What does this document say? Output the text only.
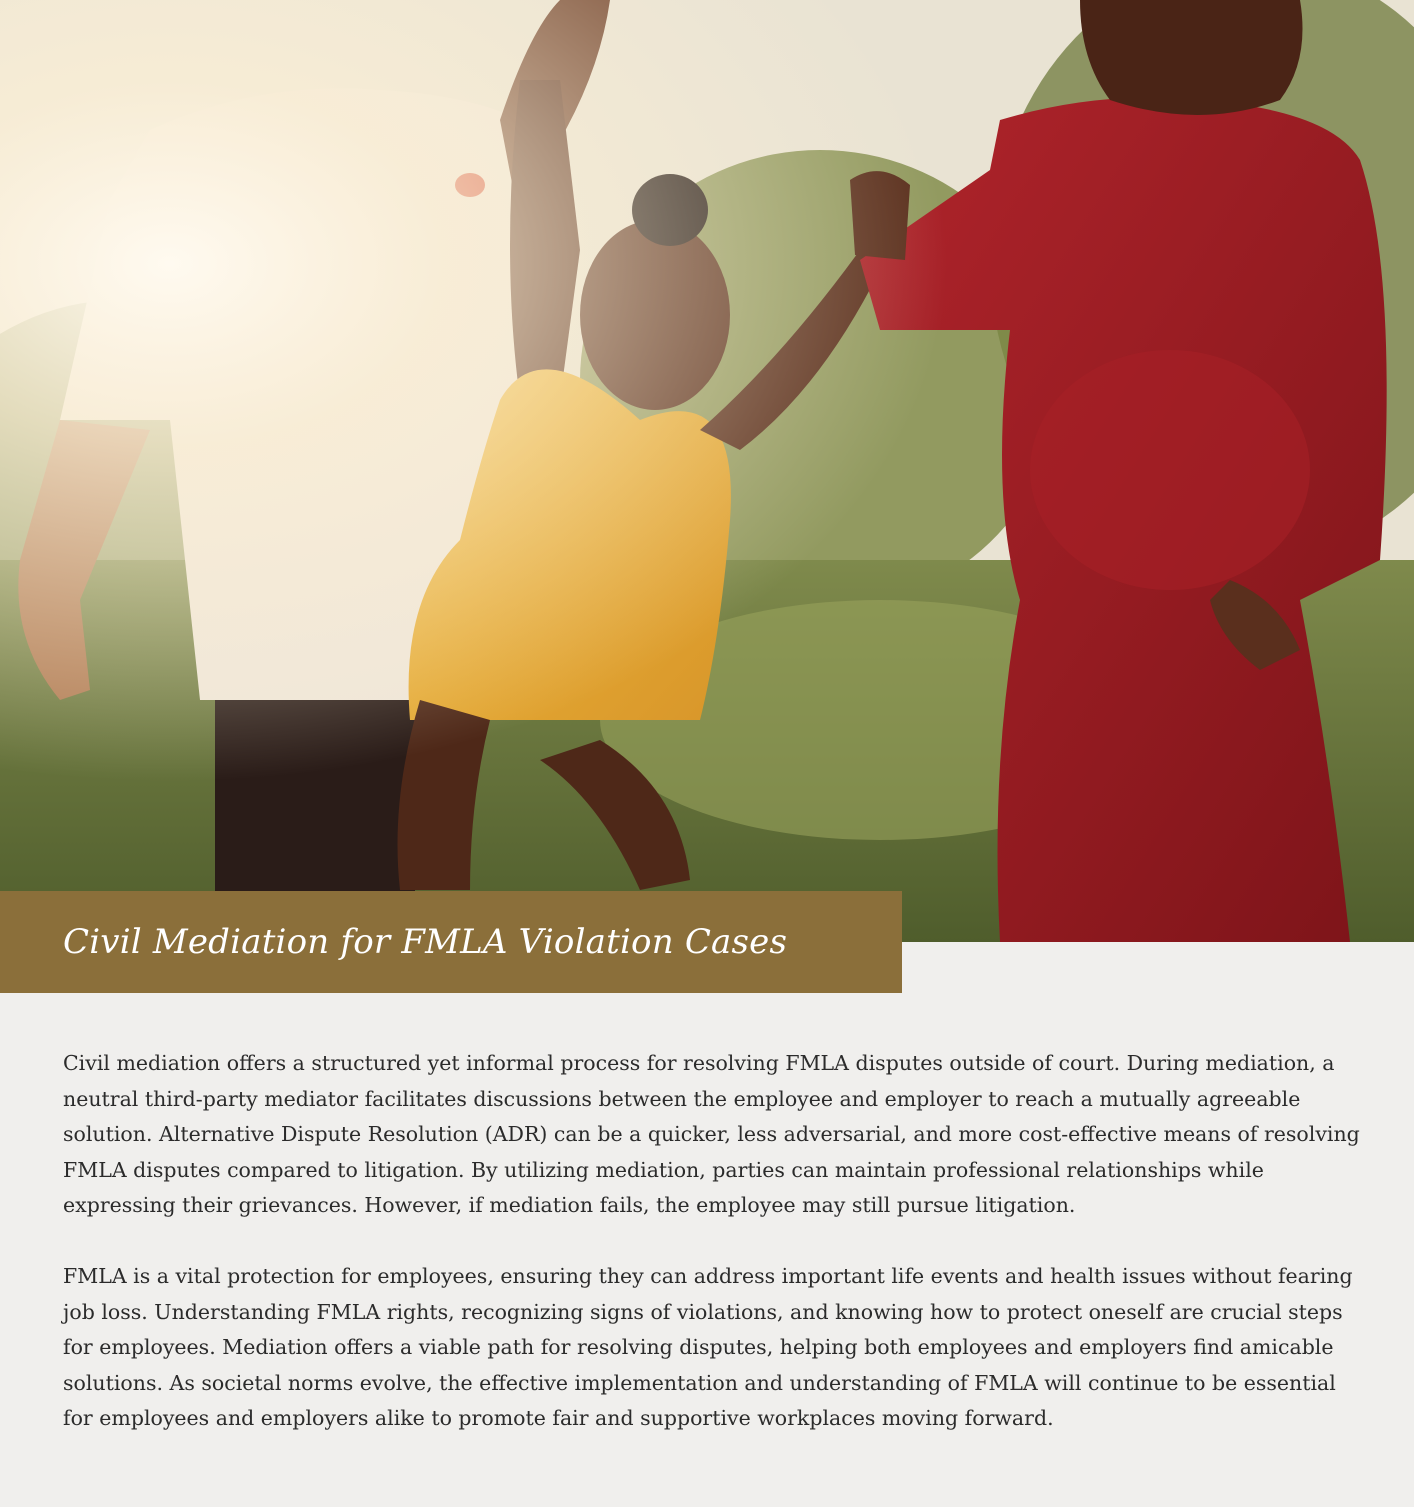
Civil Mediation for FMLA Violation Cases

Civil mediation offers a structured yet informal process for resolving FMLA disputes outside of court. During mediation, a neutral third-party mediator facilitates discussions between the employee and employer to reach a mutually agreeable solution. Alternative Dispute Resolution (ADR) can be a quicker, less adversarial, and more cost-effective means of resolving FMLA disputes compared to litigation. By utilizing mediation, parties can maintain professional relationships while expressing their grievances. However, if mediation fails, the employee may still pursue litigation.

FMLA is a vital protection for employees, ensuring they can address important life events and health issues without fearing job loss. Understanding FMLA rights, recognizing signs of violations, and knowing how to protect oneself are crucial steps for employees. Mediation offers a viable path for resolving disputes, helping both employees and employers find amicable solutions. As societal norms evolve, the effective implementation and understanding of FMLA will continue to be essential for employees and employers alike to promote fair and supportive workplaces moving forward.
